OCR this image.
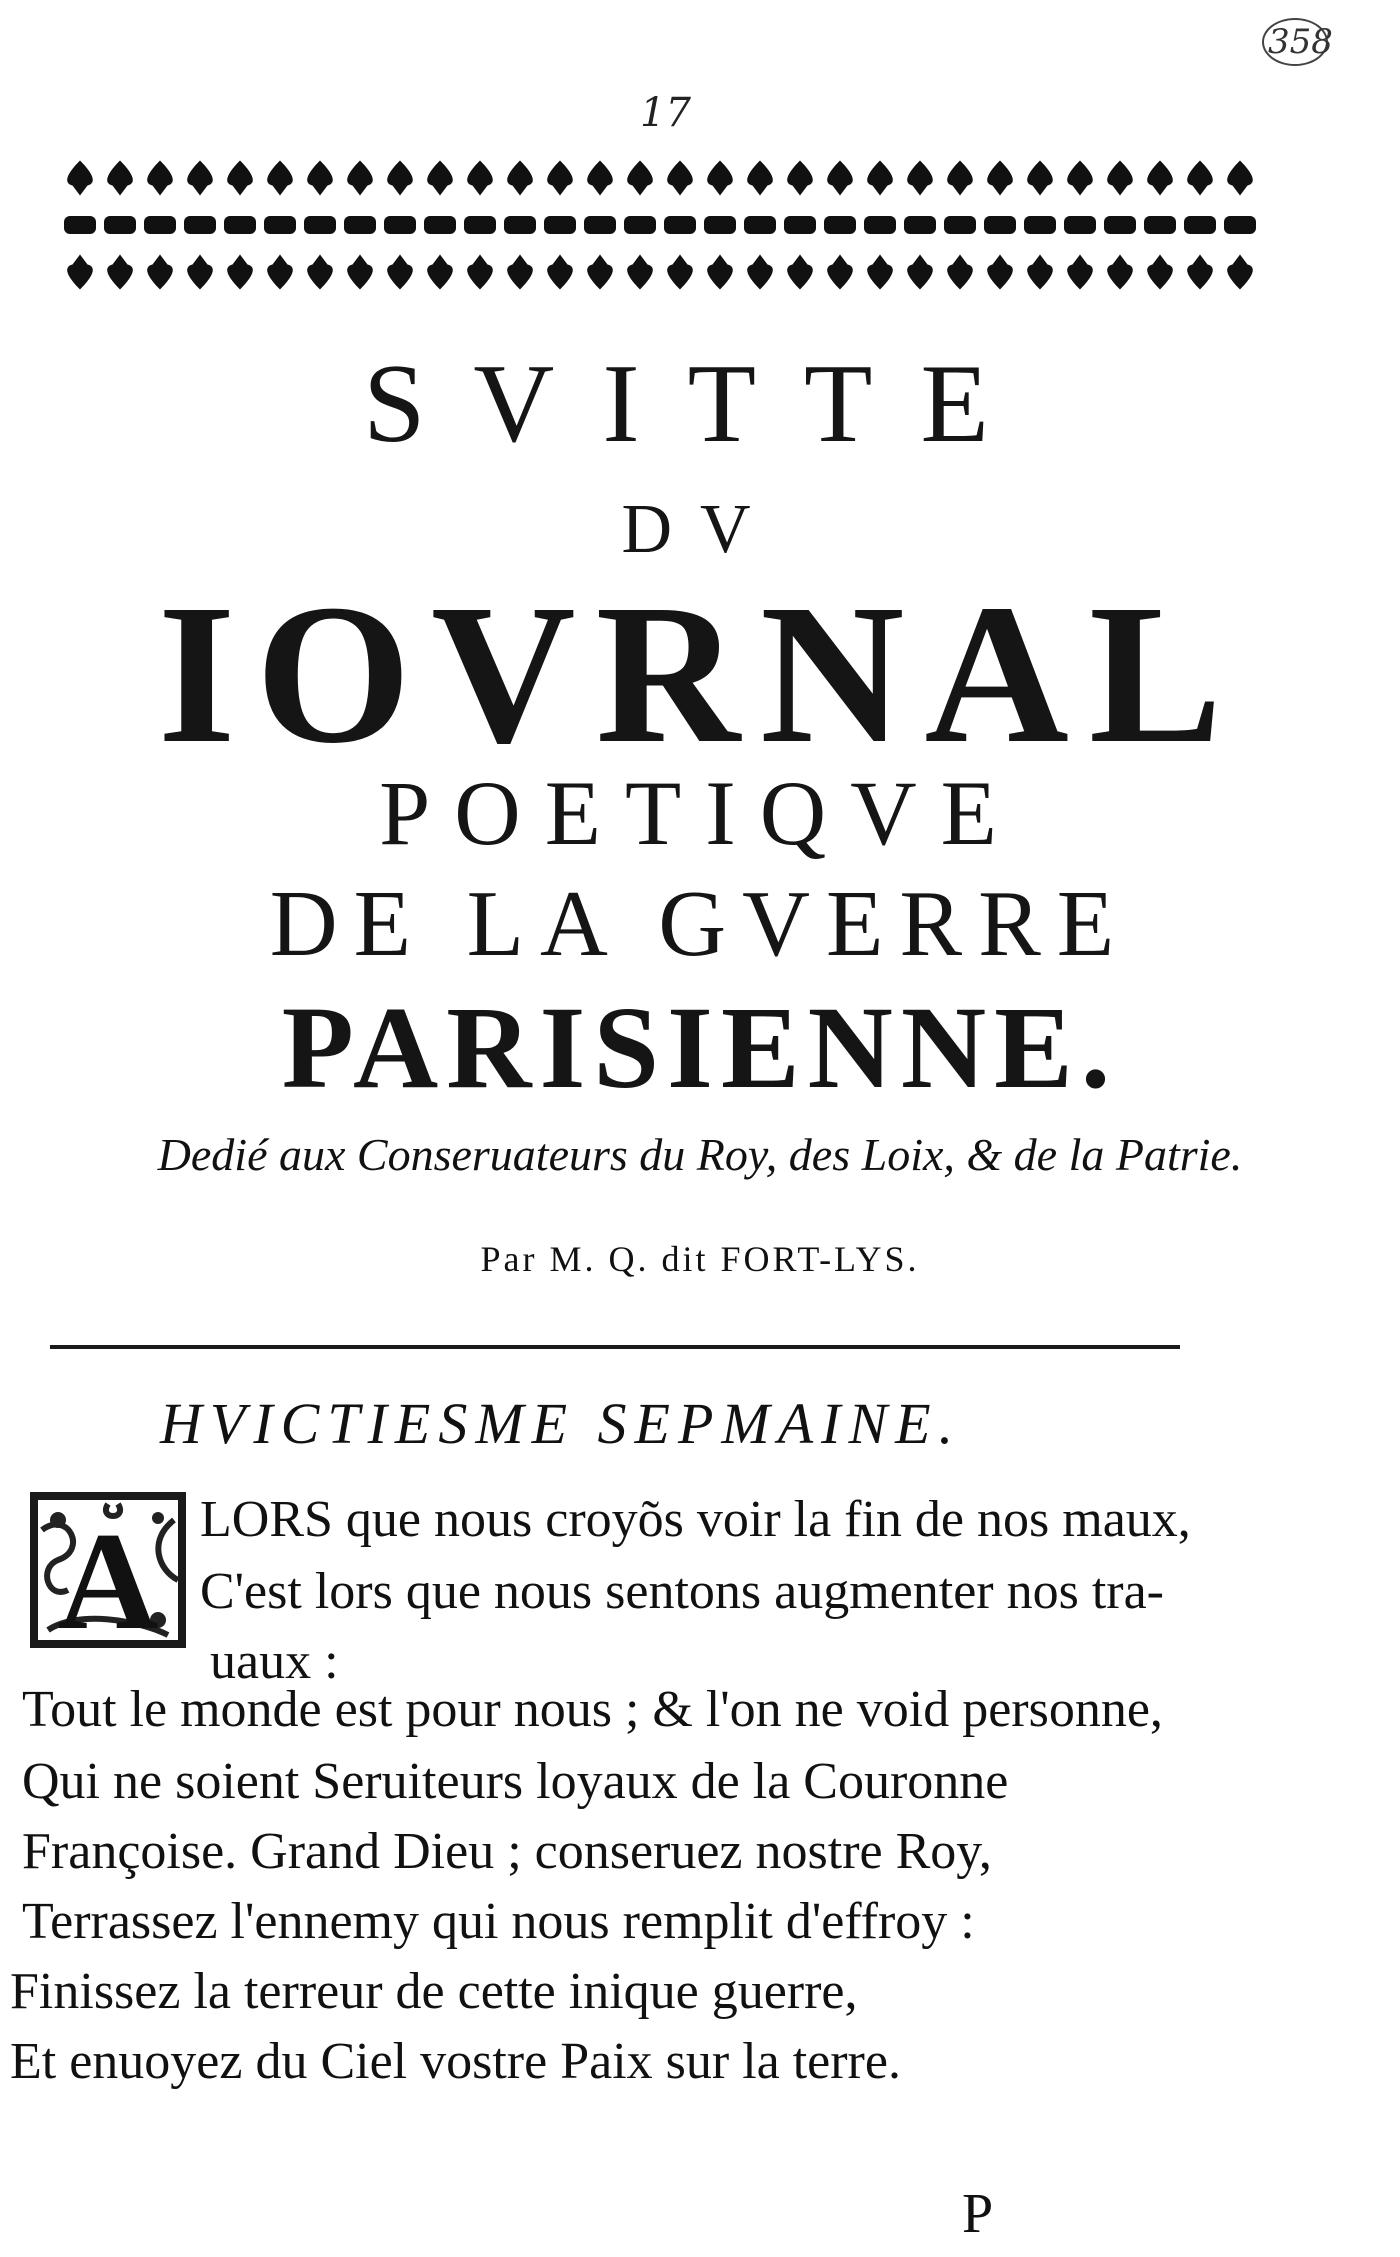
358
17
SVITTE
DV
IOVRNAL
POETIQVE
DE LA GVERRE
PARISIENNE.
Dedié aux Conseruateurs du Roy, des Loix, & de la Patrie.
Par M. Q. dit FORT-LYS.
HVICTIESME SEPMAINE.
A LORS que nous croyõs voir la fin de nos maux,
C'est lors que nous sentons augmenter nos tra-
uaux :
Tout le monde est pour nous ; & l'on ne void personne,
Qui ne soient Seruiteurs loyaux de la Couronne
Françoise. Grand Dieu ; conseruez nostre Roy,
Terrassez l'ennemy qui nous remplit d'effroy :
Finissez la terreur de cette inique guerre,
Et enuoyez du Ciel vostre Paix sur la terre.
P
